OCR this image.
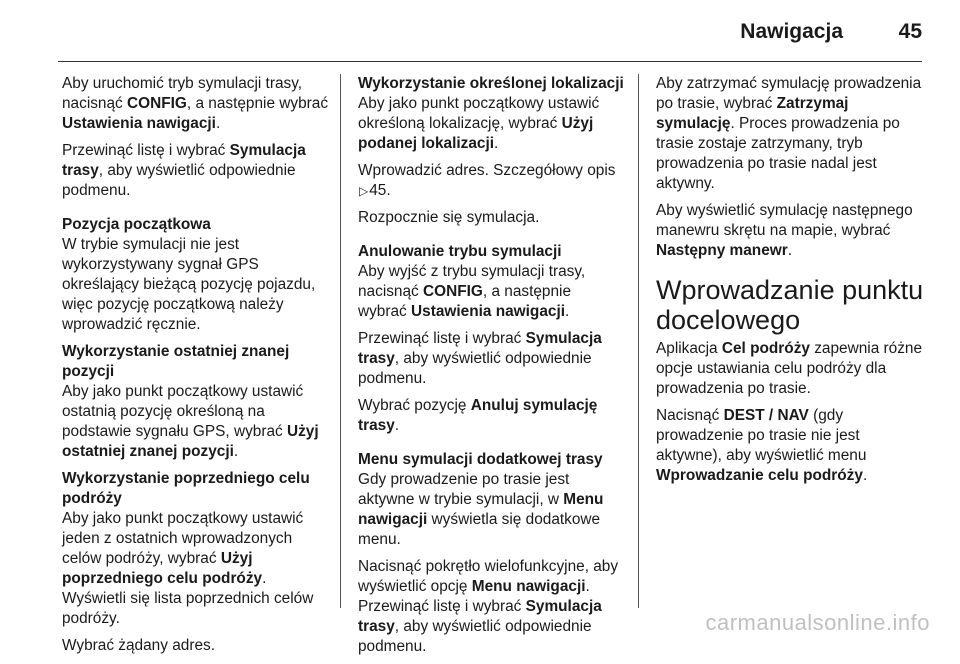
Nawigacja	45

Aby uruchomić tryb symulacji trasy, nacisnąć CONFIG, a następnie wybrać Ustawienia nawigacji.

Przewinąć listę i wybrać Symulacja trasy, aby wyświetlić odpowiednie podmenu.

Pozycja początkowa

W trybie symulacji nie jest wykorzystywany sygnał GPS określający bieżącą pozycję pojazdu, więc pozycję początkową należy wprowadzić ręcznie.

Wykorzystanie ostatniej znanej pozycji

Aby jako punkt początkowy ustawić ostatnią pozycję określoną na podstawie sygnału GPS, wybrać Użyj ostatniej znanej pozycji.

Wykorzystanie poprzedniego celu podróży

Aby jako punkt początkowy ustawić jeden z ostatnich wprowadzonych celów podróży, wybrać Użyj poprzedniego celu podróży.

Wyświetli się lista poprzednich celów podróży.

Wybrać żądany adres.

Wykorzystanie określonej lokalizacji

Aby jako punkt początkowy ustawić określoną lokalizację, wybrać Użyj podanej lokalizacji.

Wprowadzić adres. Szczegółowy opis ▷45.

Rozpocznie się symulacja.

Anulowanie trybu symulacji

Aby wyjść z trybu symulacji trasy, nacisnąć CONFIG, a następnie wybrać Ustawienia nawigacji.

Przewinąć listę i wybrać Symulacja trasy, aby wyświetlić odpowiednie podmenu.

Wybrać pozycję Anuluj symulację trasy.

Menu symulacji dodatkowej trasy

Gdy prowadzenie po trasie jest aktywne w trybie symulacji, w Menu nawigacji wyświetla się dodatkowe menu.

Nacisnąć pokrętło wielofunkcyjne, aby wyświetlić opcję Menu nawigacji.

Przewinąć listę i wybrać Symulacja trasy, aby wyświetlić odpowiednie podmenu.

Aby zatrzymać symulację prowadzenia po trasie, wybrać Zatrzymaj symulację. Proces prowadzenia po trasie zostaje zatrzymany, tryb prowadzenia po trasie nadal jest aktywny.

Aby wyświetlić symulację następnego manewru skrętu na mapie, wybrać Następny manewr.

Wprowadzanie punktu docelowego

Aplikacja Cel podróży zapewnia różne opcje ustawiania celu podróży dla prowadzenia po trasie.

Nacisnąć DEST / NAV (gdy prowadzenie po trasie nie jest aktywne), aby wyświetlić menu Wprowadzanie celu podróży.

carmanualsonline.info
